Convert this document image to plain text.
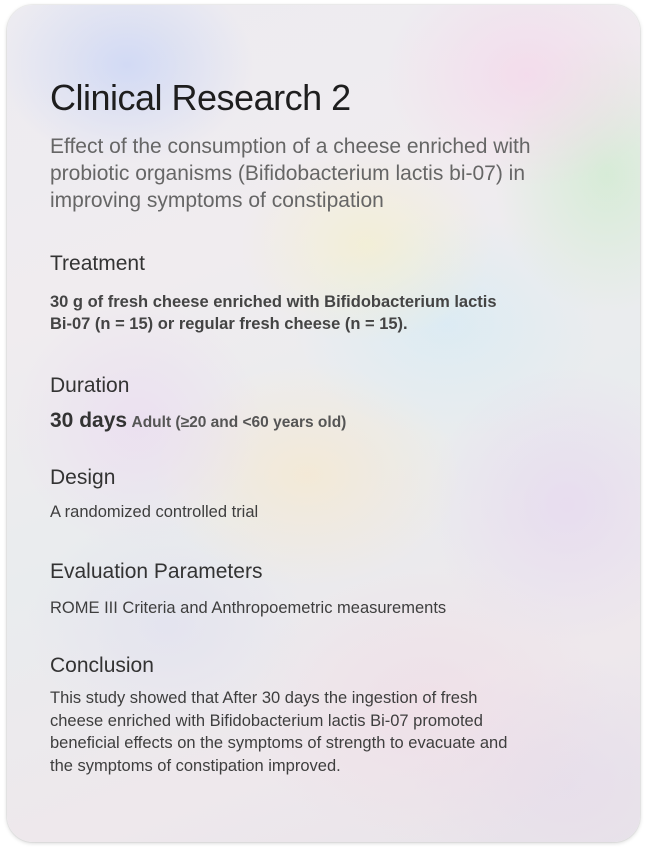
Clinical Research 2

Effect of the consumption of a cheese enriched with probiotic organisms (Bifidobacterium lactis bi-07) in improving symptoms of constipation

Treatment
30 g of fresh cheese enriched with Bifidobacterium lactis
Bi-07 (n = 15) or regular fresh cheese (n = 15).
Duration
30 days Adult (≥20 and <60 years old)
Design
A randomized controlled trial
Evaluation Parameters
ROME III Criteria and Anthropoemetric measurements
Conclusion
This study showed that After 30 days the ingestion of fresh
cheese enriched with Bifidobacterium lactis Bi-07 promoted
beneficial effects on the symptoms of strength to evacuate and
the symptoms of constipation improved.
